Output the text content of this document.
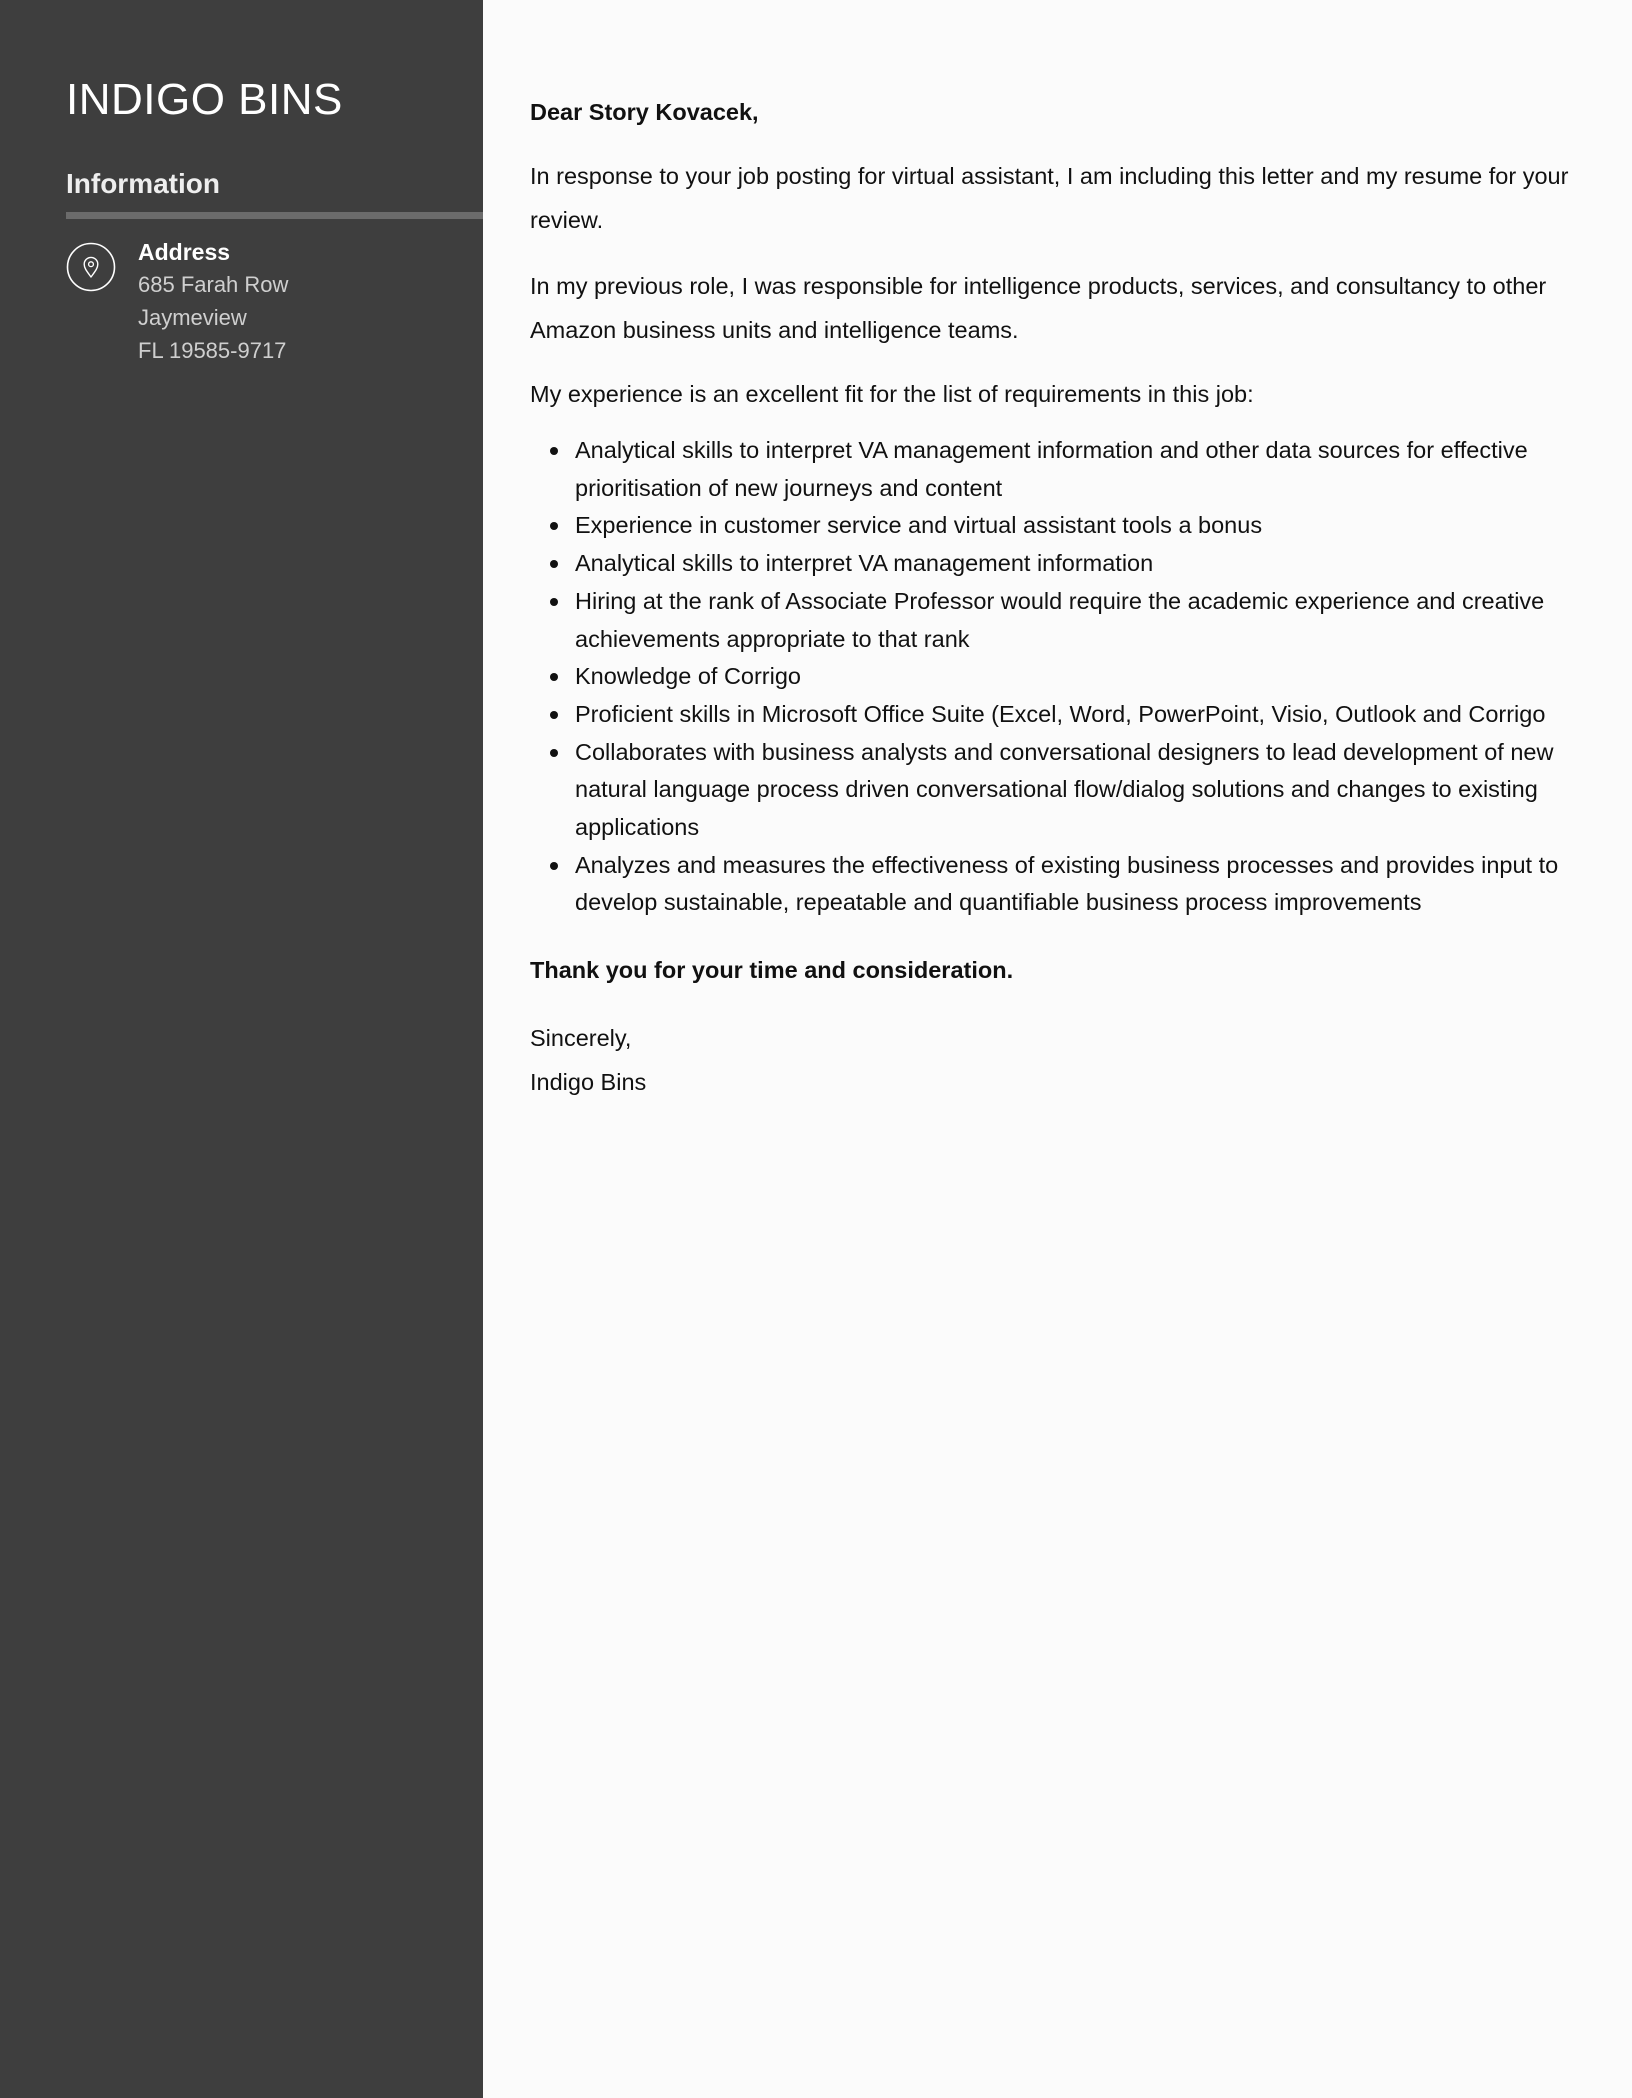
INDIGO BINS
Information
Address
685 Farah Row
Jaymeview
FL 19585-9717

Dear Story Kovacek,

In response to your job posting for virtual assistant, I am including this letter and my resume for your review.

In my previous role, I was responsible for intelligence products, services, and consultancy to other Amazon business units and intelligence teams.

My experience is an excellent fit for the list of requirements in this job:

Analytical skills to interpret VA management information and other data sources for effective prioritisation of new journeys and content
Experience in customer service and virtual assistant tools a bonus
Analytical skills to interpret VA management information
Hiring at the rank of Associate Professor would require the academic experience and creative achievements appropriate to that rank
Knowledge of Corrigo
Proficient skills in Microsoft Office Suite (Excel, Word, PowerPoint, Visio, Outlook and Corrigo
Collaborates with business analysts and conversational designers to lead development of new natural language process driven conversational flow/dialog solutions and changes to existing applications
Analyzes and measures the effectiveness of existing business processes and provides input to develop sustainable, repeatable and quantifiable business process improvements

Thank you for your time and consideration.

Sincerely,

Indigo Bins
